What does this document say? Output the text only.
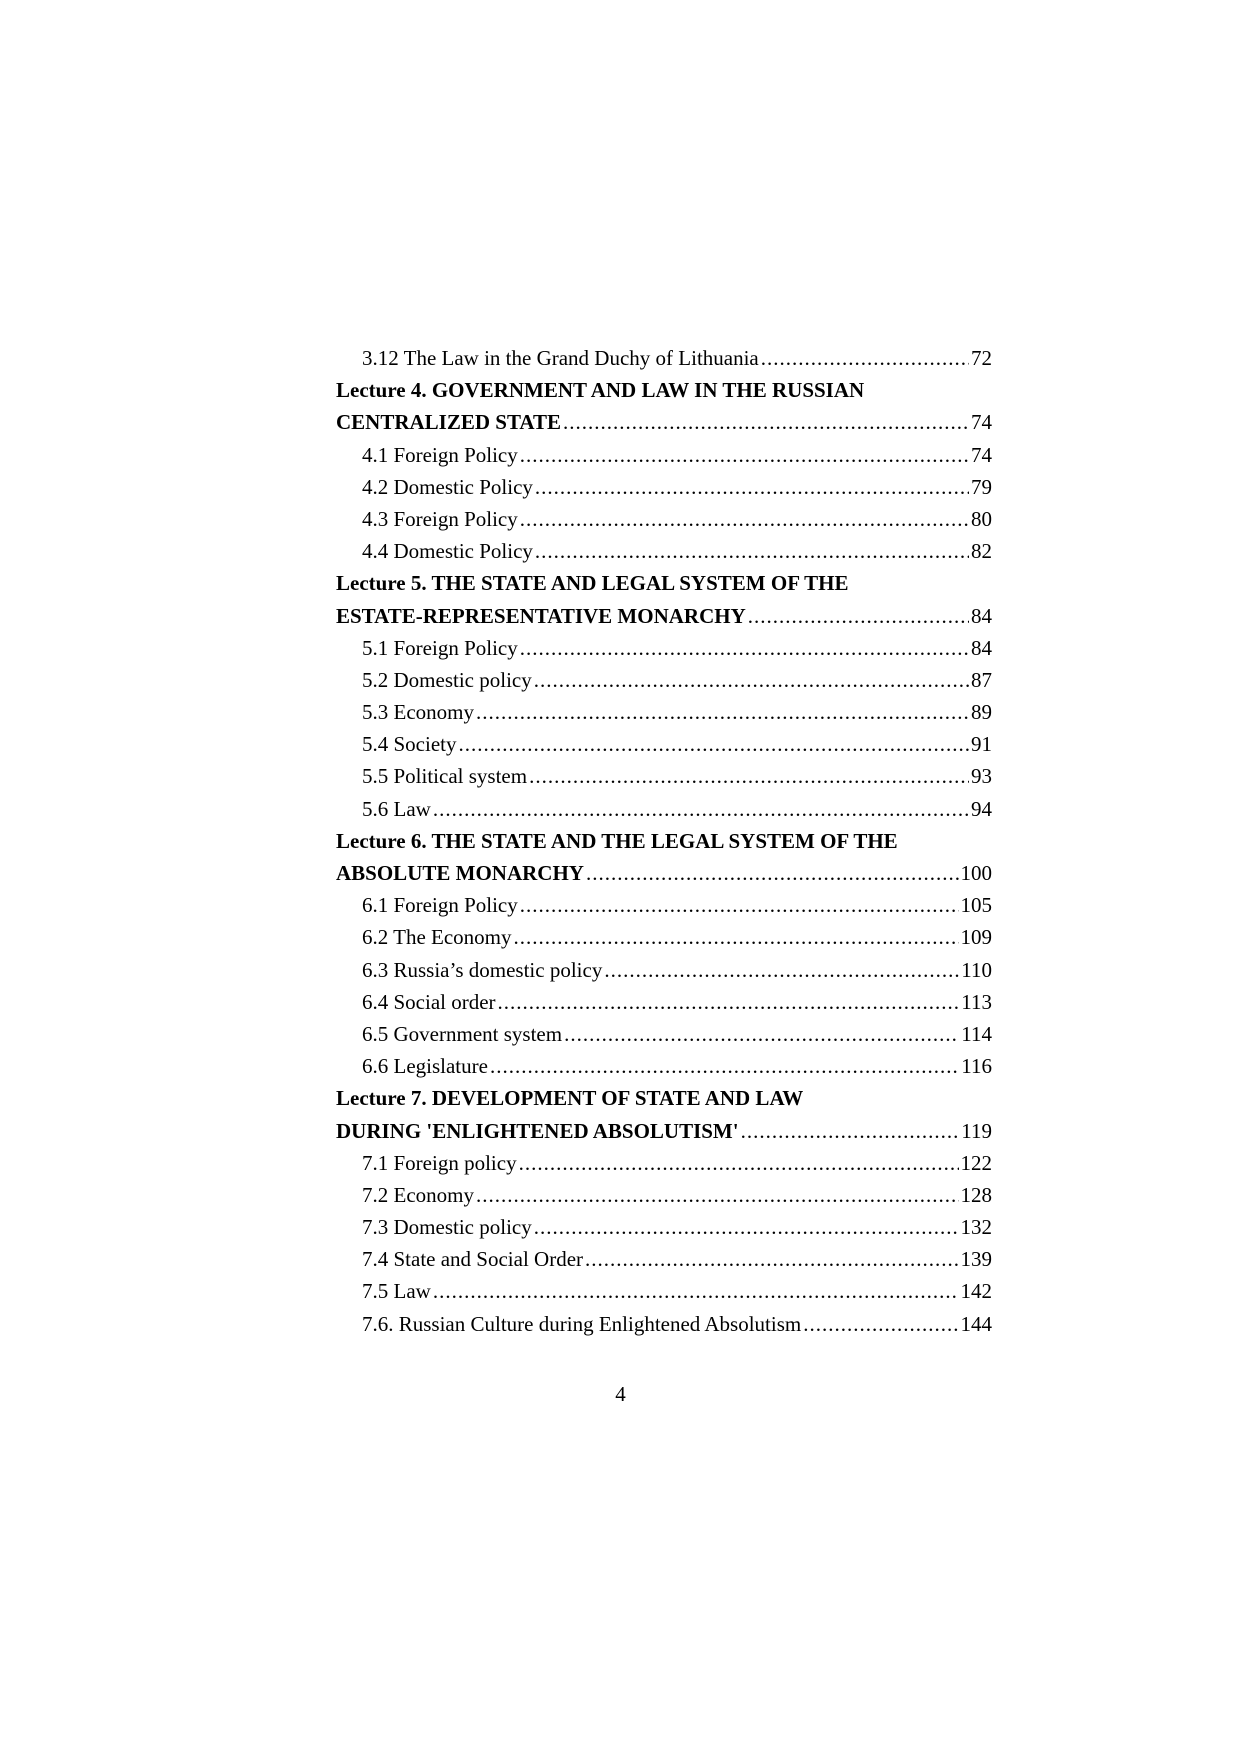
3.12 The Law in the Grand Duchy of Lithuania .....	72
Lecture 4. GOVERNMENT AND LAW IN THE RUSSIAN
CENTRALIZED STATE .....	74
4.1 Foreign Policy .....	74
4.2 Domestic Policy .....	79
4.3 Foreign Policy .....	80
4.4 Domestic Policy .....	82
Lecture 5. THE STATE AND LEGAL SYSTEM OF THE
ESTATE-REPRESENTATIVE MONARCHY .....	84
5.1 Foreign Policy .....	84
5.2 Domestic policy .....	87
5.3 Economy .....	89
5.4 Society .....	91
5.5 Political system .....	93
5.6 Law .....	94
Lecture 6. THE STATE AND THE LEGAL SYSTEM OF THE
ABSOLUTE MONARCHY .....	100
6.1 Foreign Policy .....	105
6.2 The Economy .....	109
6.3 Russia’s domestic policy .....	110
6.4 Social order .....	113
6.5 Government system .....	114
6.6 Legislature .....	116
Lecture 7. DEVELOPMENT OF STATE AND LAW
DURING 'ENLIGHTENED ABSOLUTISM' .....	119
7.1 Foreign policy .....	122
7.2 Economy .....	128
7.3 Domestic policy .....	132
7.4 State and Social Order .....	139
7.5 Law .....	142
7.6. Russian Culture during Enlightened Absolutism .....	144
4
